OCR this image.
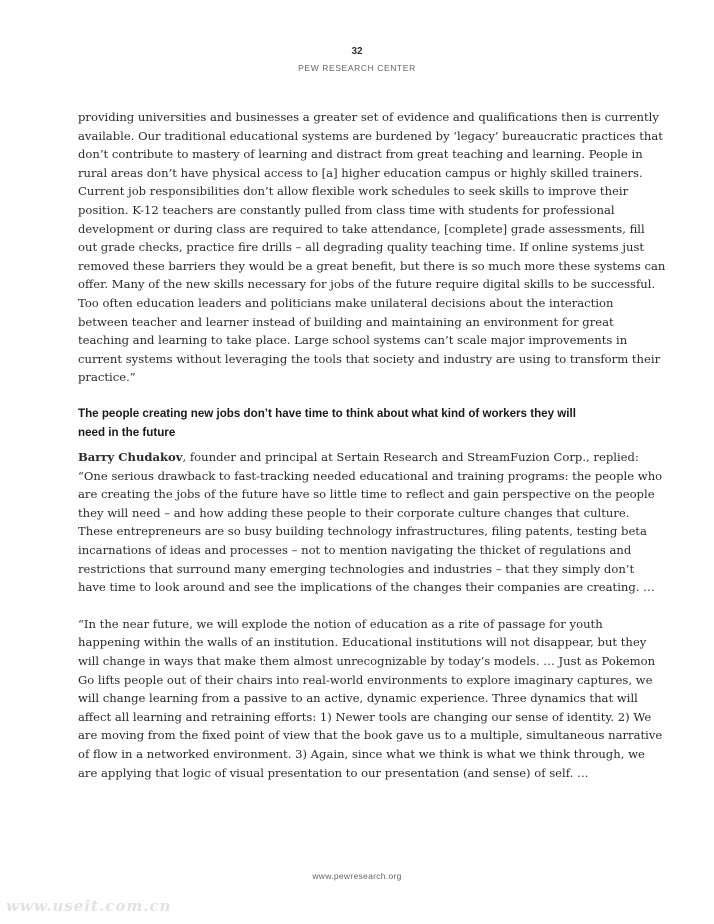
32
PEW RESEARCH CENTER

providing universities and businesses a greater set of evidence and qualifications then is currently
available. Our traditional educational systems are burdened by ‘legacy’ bureaucratic practices that
don’t contribute to mastery of learning and distract from great teaching and learning. People in
rural areas don’t have physical access to [a] higher education campus or highly skilled trainers.
Current job responsibilities don’t allow flexible work schedules to seek skills to improve their
position. K-12 teachers are constantly pulled from class time with students for professional
development or during class are required to take attendance, [complete] grade assessments, fill
out grade checks, practice fire drills – all degrading quality teaching time. If online systems just
removed these barriers they would be a great benefit, but there is so much more these systems can
offer. Many of the new skills necessary for jobs of the future require digital skills to be successful.
Too often education leaders and politicians make unilateral decisions about the interaction
between teacher and learner instead of building and maintaining an environment for great
teaching and learning to take place. Large school systems can’t scale major improvements in
current systems without leveraging the tools that society and industry are using to transform their
practice.”

The people creating new jobs don’t have time to think about what kind of workers they will
need in the future

Barry Chudakov, founder and principal at Sertain Research and StreamFuzion Corp., replied:
“One serious drawback to fast-tracking needed educational and training programs: the people who
are creating the jobs of the future have so little time to reflect and gain perspective on the people
they will need – and how adding these people to their corporate culture changes that culture.
These entrepreneurs are so busy building technology infrastructures, filing patents, testing beta
incarnations of ideas and processes – not to mention navigating the thicket of regulations and
restrictions that surround many emerging technologies and industries – that they simply don’t
have time to look around and see the implications of the changes their companies are creating. …

“In the near future, we will explode the notion of education as a rite of passage for youth
happening within the walls of an institution. Educational institutions will not disappear, but they
will change in ways that make them almost unrecognizable by today’s models. … Just as Pokemon
Go lifts people out of their chairs into real-world environments to explore imaginary captures, we
will change learning from a passive to an active, dynamic experience. Three dynamics that will
affect all learning and retraining efforts: 1) Newer tools are changing our sense of identity. 2) We
are moving from the fixed point of view that the book gave us to a multiple, simultaneous narrative
of flow in a networked environment. 3) Again, since what we think is what we think through, we
are applying that logic of visual presentation to our presentation (and sense) of self. …

www.pewresearch.org
www.useit.com.cn
